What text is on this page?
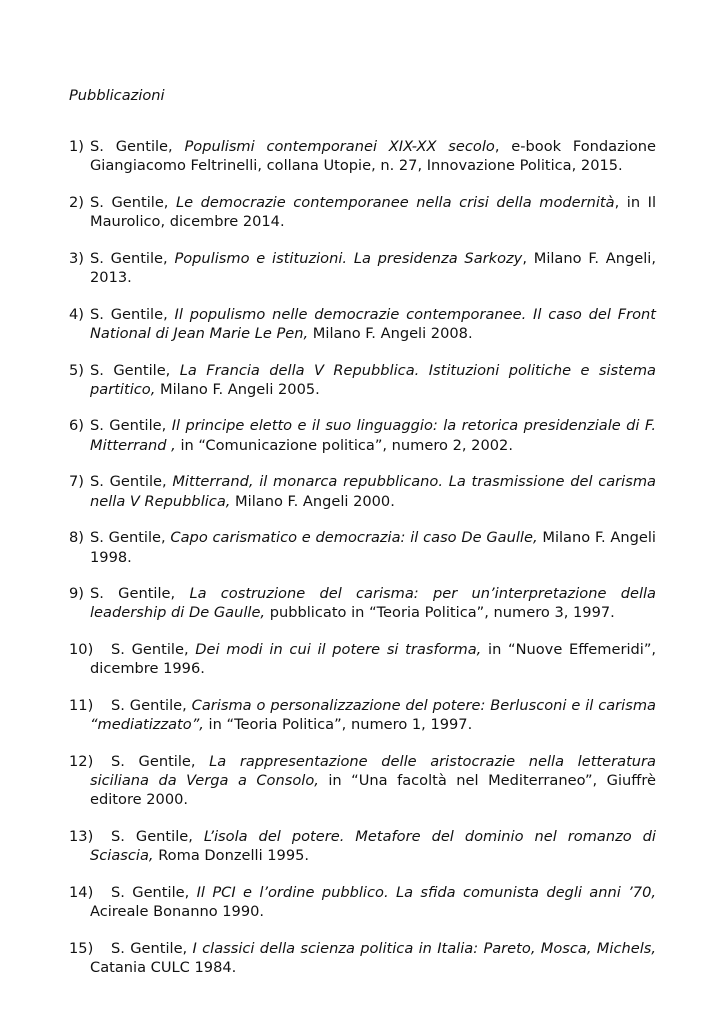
Pubblicazioni
1) S. Gentile, Populismi contemporanei XIX-XX secolo, e-book Fondazione Giangiacomo Feltrinelli, collana Utopie, n. 27, Innovazione Politica, 2015.
2) S. Gentile, Le democrazie contemporanee nella crisi della modernità, in Il Maurolico, dicembre 2014.
3) S. Gentile, Populismo e istituzioni. La presidenza Sarkozy, Milano F. Angeli, 2013.
4) S. Gentile, Il populismo nelle democrazie contemporanee. Il caso del Front National di Jean Marie Le Pen, Milano F. Angeli 2008.
5) S. Gentile, La Francia della V Repubblica. Istituzioni politiche e sistema partitico, Milano F. Angeli 2005.
6) S. Gentile, Il principe eletto e il suo linguaggio: la retorica presidenziale di F. Mitterrand , in “Comunicazione politica”, numero 2, 2002.
7) S. Gentile, Mitterrand, il monarca repubblicano. La trasmissione del carisma nella V Repubblica, Milano F. Angeli 2000.
8) S. Gentile, Capo carismatico e democrazia: il caso De Gaulle, Milano F. Angeli 1998.
9) S. Gentile, La costruzione del carisma: per un’interpretazione della leadership di De Gaulle, pubblicato in “Teoria Politica”, numero 3, 1997.
10)	S. Gentile, Dei modi in cui il potere si trasforma, in “Nuove Effemeridi”, dicembre 1996.
11)	S. Gentile, Carisma o personalizzazione del potere: Berlusconi e il carisma “mediatizzato”, in “Teoria Politica”, numero 1, 1997.
12)	S. Gentile, La rappresentazione delle aristocrazie nella letteratura siciliana da Verga a Consolo, in “Una facoltà nel Mediterraneo”, Giuffrè editore 2000.
13)	S. Gentile, L’isola del potere. Metafore del dominio nel romanzo di Sciascia, Roma Donzelli 1995.
14)	S. Gentile, Il PCI e l’ordine pubblico. La sfida comunista degli anni ’70, Acireale Bonanno 1990.
15)	S. Gentile, I classici della scienza politica in Italia: Pareto, Mosca, Michels, Catania CULC 1984.
